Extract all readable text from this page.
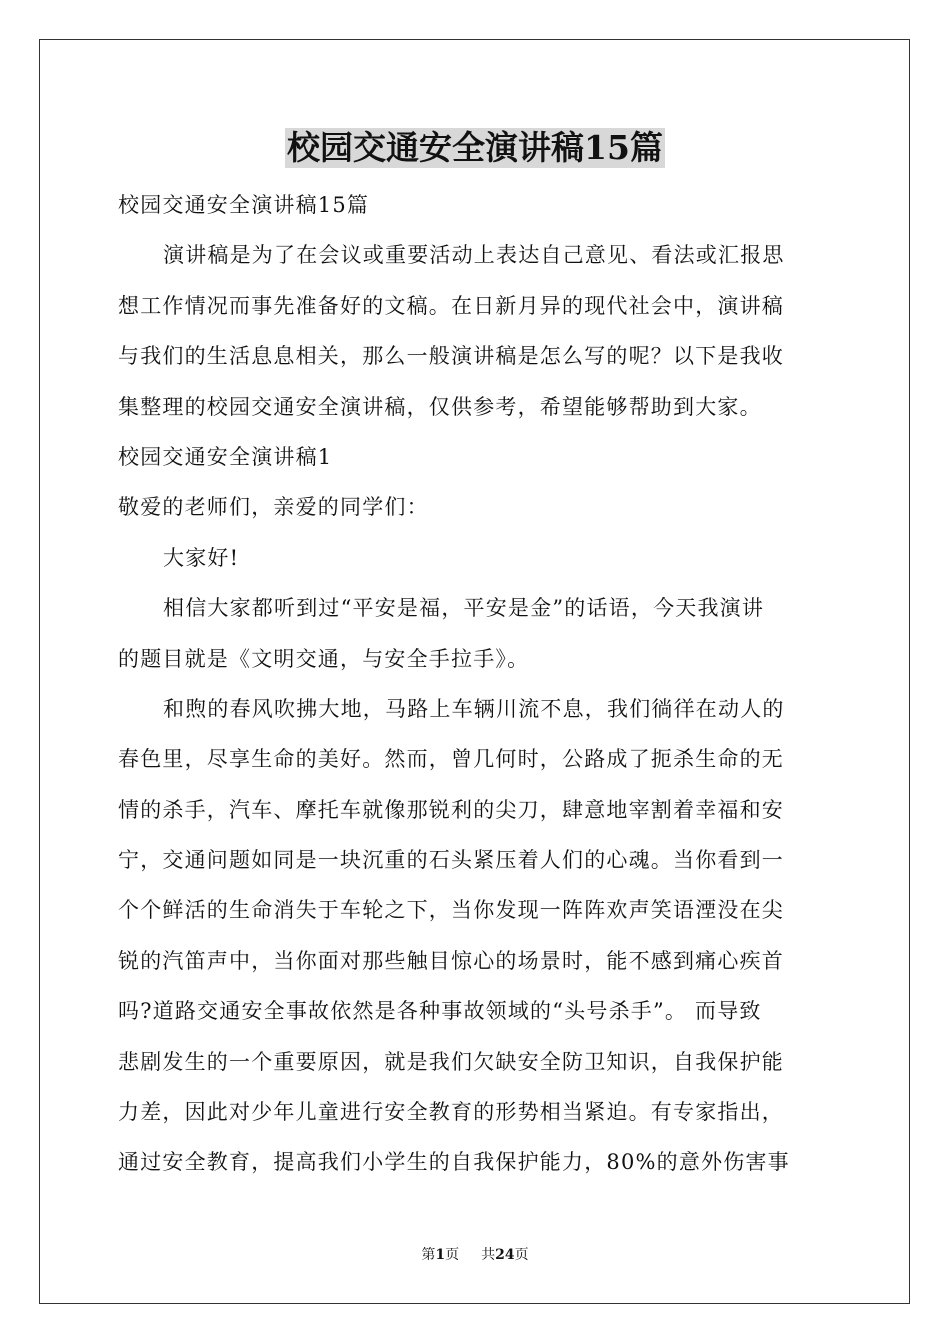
校园交通安全演讲稿15篇
校园交通安全演讲稿15篇
演讲稿是为了在会议或重要活动上表达自己意见、看法或汇报思
想工作情况而事先准备好的文稿。在日新月异的现代社会中，演讲稿
与我们的生活息息相关，那么一般演讲稿是怎么写的呢？以下是我收
集整理的校园交通安全演讲稿，仅供参考，希望能够帮助到大家。
校园交通安全演讲稿1
敬爱的老师们，亲爱的同学们：
大家好!
相信大家都听到过“平安是福，平安是金”的话语，今天我演讲
的题目就是《文明交通，与安全手拉手》。
和煦的春风吹拂大地，马路上车辆川流不息，我们徜徉在动人的
春色里，尽享生命的美好。然而，曾几何时，公路成了扼杀生命的无
情的杀手，汽车、摩托车就像那锐利的尖刀，肆意地宰割着幸福和安
宁，交通问题如同是一块沉重的石头紧压着人们的心魂。当你看到一
个个鲜活的生命消失于车轮之下，当你发现一阵阵欢声笑语湮没在尖
锐的汽笛声中，当你面对那些触目惊心的场景时，能不感到痛心疾首
吗?道路交通安全事故依然是各种事故领域的“头号杀手”。 而导致
悲剧发生的一个重要原因，就是我们欠缺安全防卫知识，自我保护能
力差，因此对少年儿童进行安全教育的形势相当紧迫。有专家指出，
通过安全教育，提高我们小学生的自我保护能力，80%的意外伤害事
第1页 共24页
